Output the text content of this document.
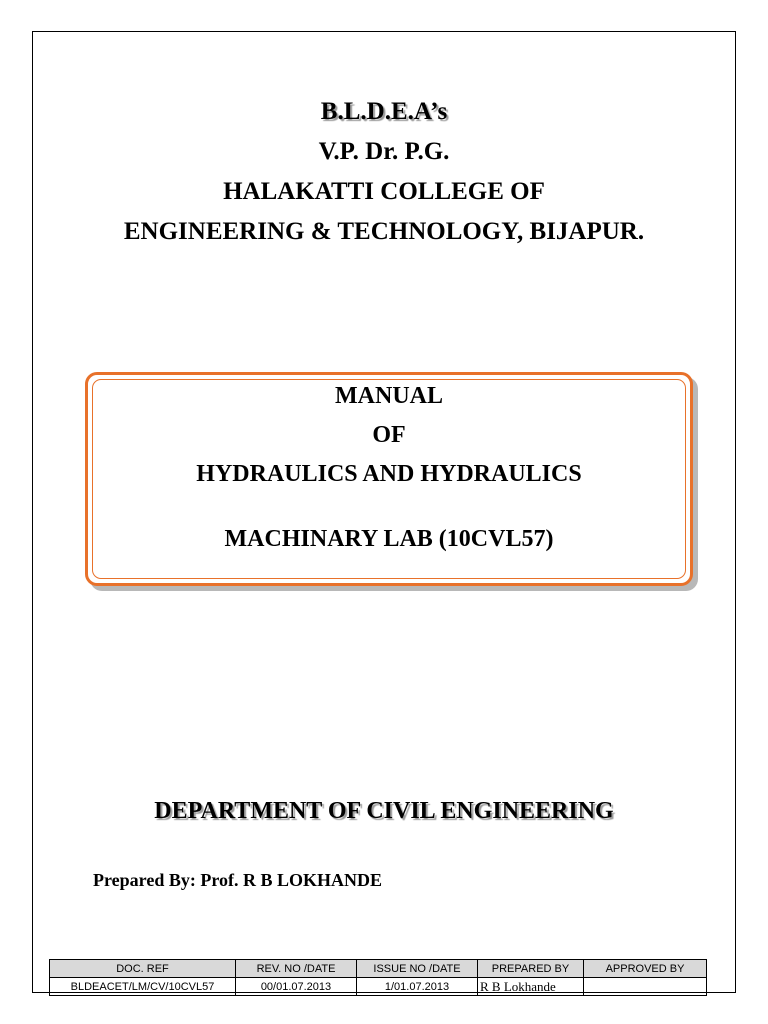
B.L.D.E.A’s
V.P. Dr. P.G.
HALAKATTI COLLEGE OF
ENGINEERING & TECHNOLOGY, BIJAPUR.
MANUAL
OF
HYDRAULICS AND HYDRAULICS
MACHINARY LAB (10CVL57)
DEPARTMENT OF CIVIL ENGINEERING
Prepared By: Prof. R B LOKHANDE
DOC. REF	REV. NO /DATE	ISSUE NO /DATE	PREPARED BY	APPROVED BY
BLDEACET/LM/CV/10CVL57	00/01.07.2013	1/01.07.2013	R B Lokhande	
